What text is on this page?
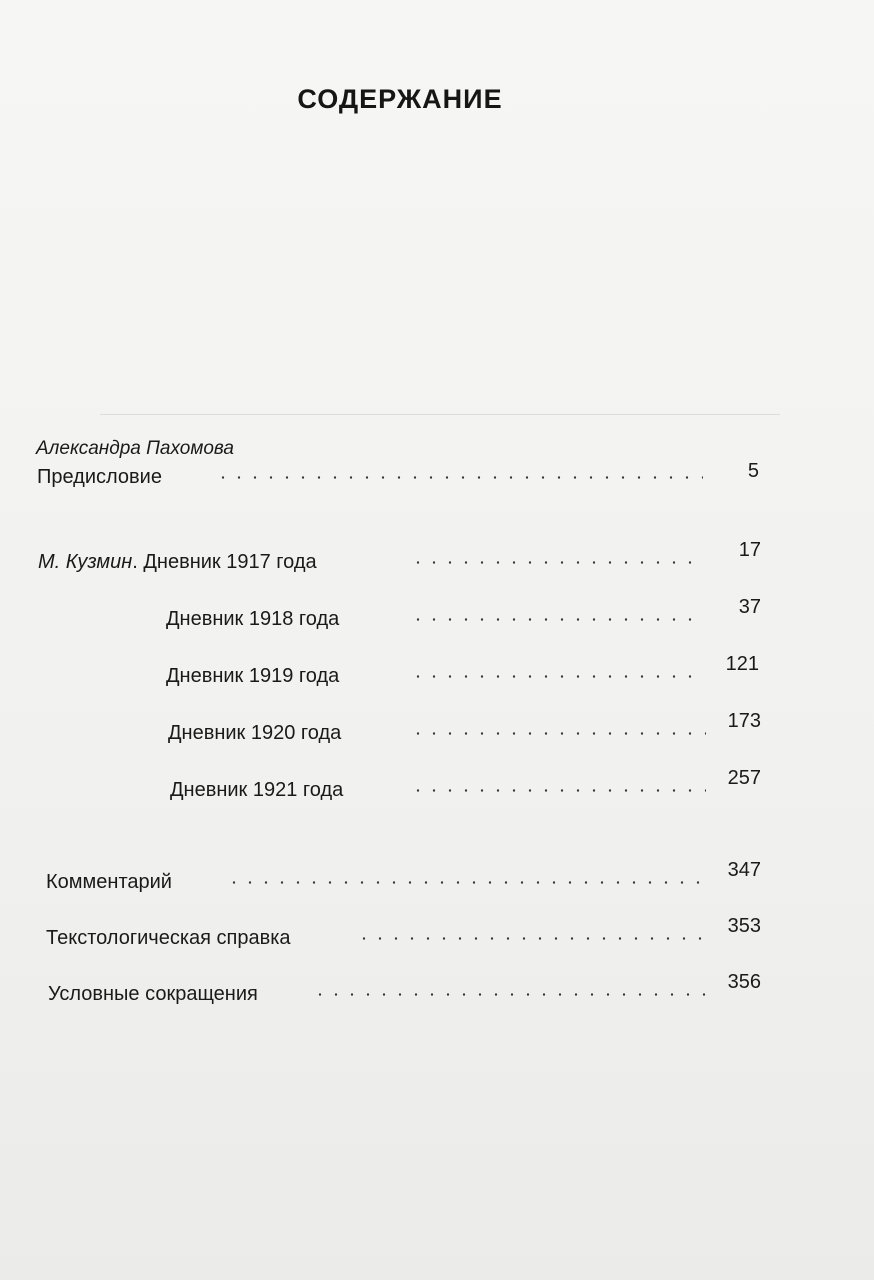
СОДЕРЖАНИЕ
Александра Пахомова
Предисловие	5
М. Кузмин. Дневник 1917 года
17
Дневник 1918 года
37
Дневник 1919 года
121
Дневник 1920 года
173
Дневник 1921 года
257
Комментарий
347
Текстологическая справка
353
Условные сокращения
356
